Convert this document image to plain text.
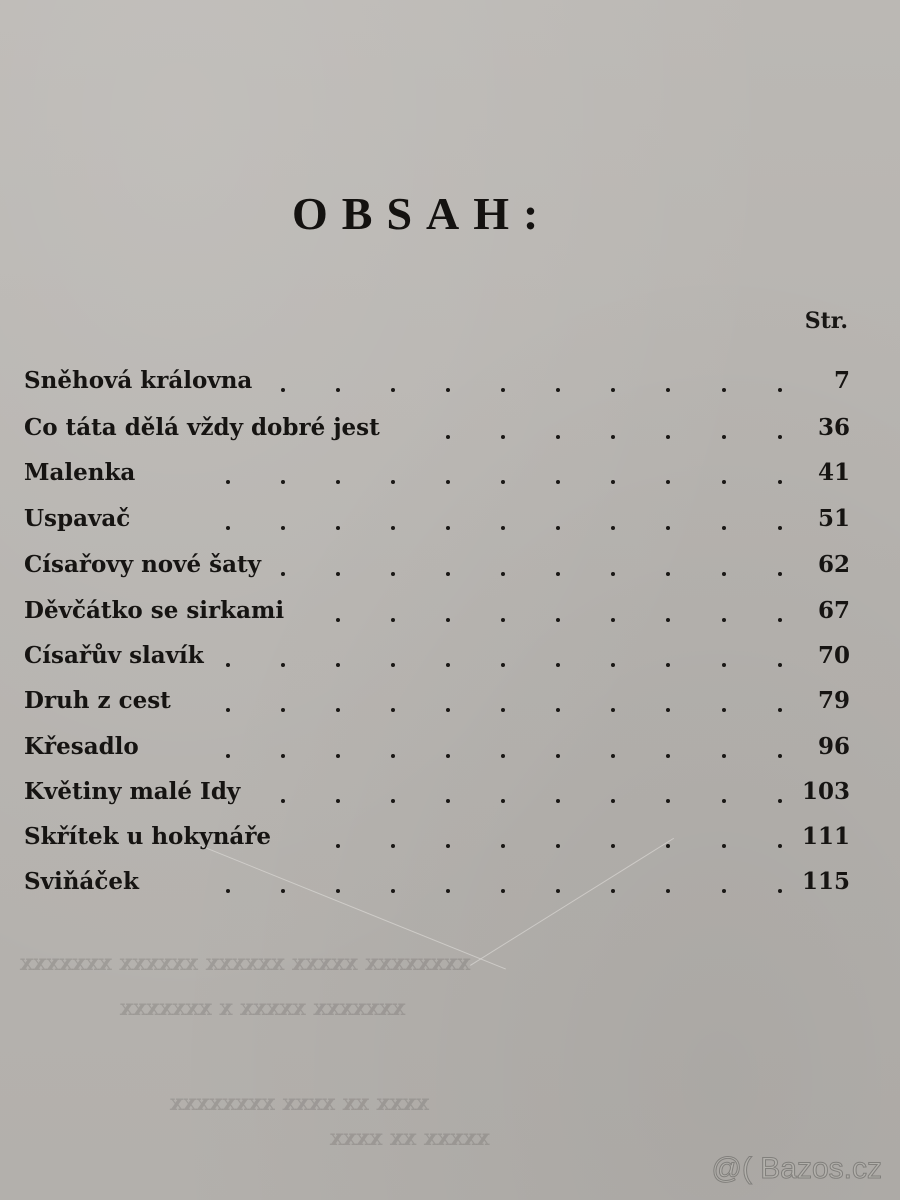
xxxxxxxx xxxxx xxxxxx xxxxxx xxxxxxx
xxxxxxx xxxxx x xxxxxxx
xxxx xx xxxx xxxxxxxx
xxxxx xx xxxx
OBSAH:
Str.
Sněhová královna	7
Co táta dělá vždy dobré jest	36
Malenka	41
Uspavač	51
Císařovy nové šaty	62
Děvčátko se sirkami	67
Císařův slavík	70
Druh z cest	79
Křesadlo	96
Květiny malé Idy	103
Skřítek u hokynáře	111
Sviňáček	115
@( Bazos.cz
